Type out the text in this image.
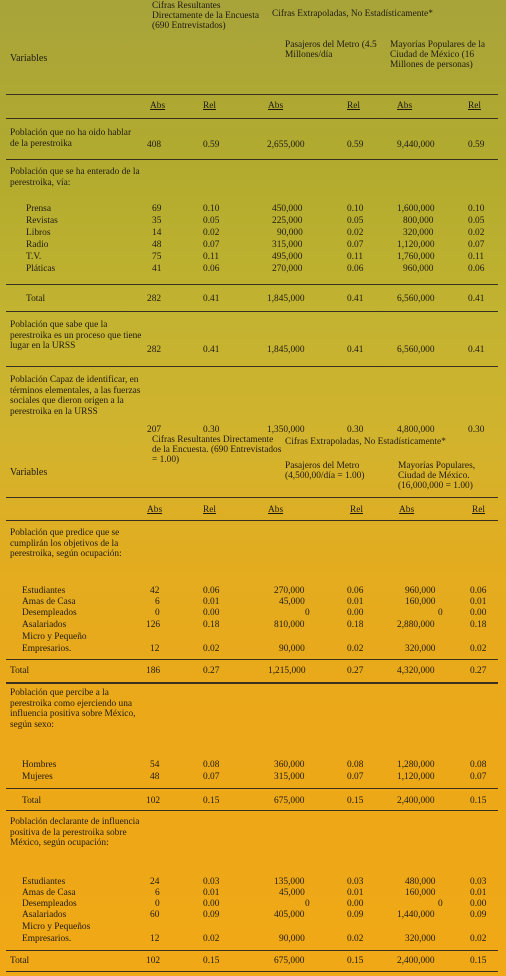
Cifras Resultantes Directamente de la Encuesta (690 Entrevistados)
Cifras Extrapoladas, No Estadísticamente*
Pasajeros del Metro (4.5 Millones/día
Mayorías Populares de la Ciudad de México (16 Millones de personas)
Variables
Abs	Rel	Abs	Rel	Abs	Rel
Población que no ha oido hablar de la perestroika	408	0.59	2,655,000	0.59	9,440,000	0.59
Población que se ha enterado de la perestroika, vía:
Prensa	69	0.10	450,000	0.10	1,600,000	0.10
Revistas	35	0.05	225,000	0.05	800,000	0.05
Libros	14	0.02	90,000	0.02	320,000	0.02
Radio	48	0.07	315,000	0.07	1,120,000	0.07
T.V.	75	0.11	495,000	0.11	1,760,000	0.11
Pláticas	41	0.06	270,000	0.06	960,000	0.06
Total	282	0.41	1,845,000	0.41	6,560,000	0.41
Población que sabe que la perestroika es un proceso que tiene lugar en la URSS	282	0.41	1,845,000	0.41	6,560,000	0.41
Población Capaz de identificar, en términos elementales, a las fuerzas sociales que dieron origen a la perestroika en la URSS
207	0.30	1,350,000	0.30	4,800,000	0.30
Cifras Resultantes Directamente de la Encuesta. (690 Entrevistados = 1.00)
Cifras Extrapoladas, No Estadísticamente*
Pasajeros del Metro (4,500,00/día = 1.00)
Mayorías Populares, Ciudad de México. (16,000,000 = 1.00)
Variables
Abs	Rel	Abs	Rel	Abs	Rel
Población que predice que se cumplirán los objetivos de la perestroika, según ocupación:
Estudiantes	42	0.06	270,000	0.06	960,000	0.06
Amas de Casa	6	0.01	45,000	0.01	160,000	0.01
Desempleados	0	0.00	0	0.00	0	0.00
Asalariados	126	0.18	810,000	0.18	2,880,000	0.18
Micro y Pequeño
Empresarios.	12	0.02	90,000	0.02	320,000	0.02
Total	186	0.27	1,215,000	0.27	4,320,000	0.27
Población que percibe a la perestroika como ejerciendo una influencia positiva sobre México, según sexo:
Hombres	54	0.08	360,000	0.08	1,280,000	0.08
Mujeres	48	0.07	315,000	0.07	1,120,000	0.07
Total	102	0.15	675,000	0.15	2,400,000	0.15
Población declarante de influencia positiva de la perestroika sobre México, según ocupación:
Estudiantes	24	0.03	135,000	0.03	480,000	0.03
Amas de Casa	6	0.01	45,000	0.01	160,000	0.01
Desempleados	0	0.00	0	0.00	0	0.00
Asalariados	60	0.09	405,000	0.09	1,440,000	0.09
Micro y Pequeños
Empresarios.	12	0.02	90,000	0.02	320,000	0.02
Total	102	0.15	675,000	0.15	2,400,000	0.15
